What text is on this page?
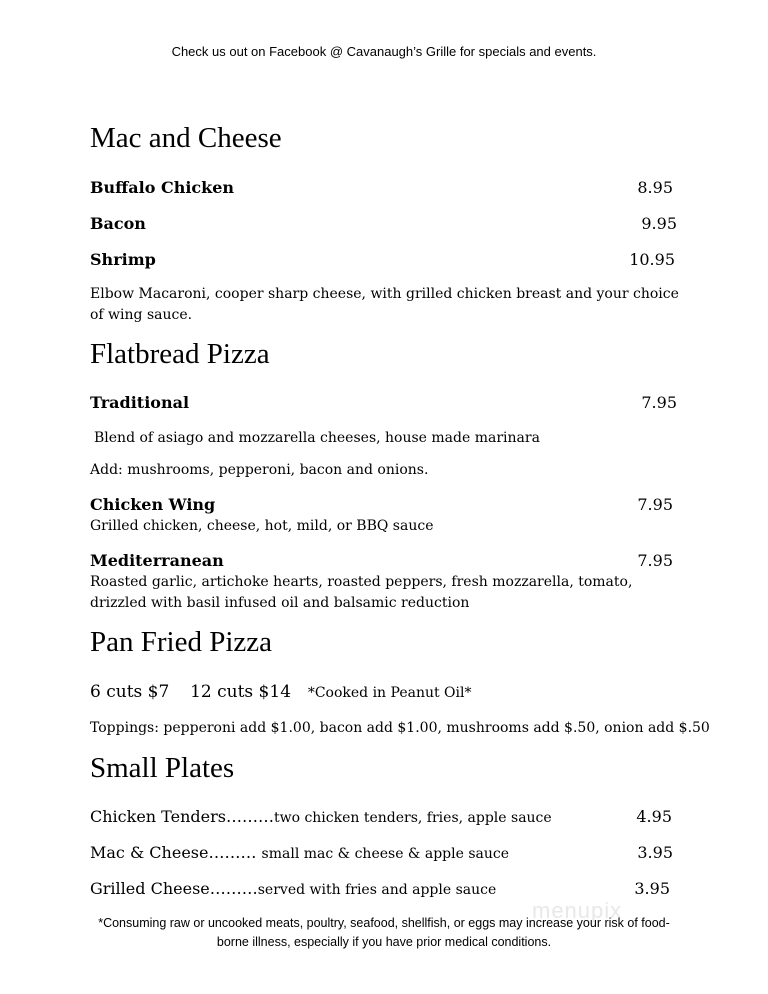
Check us out on Facebook @ Cavanaugh’s Grille for specials and events.
Mac and Cheese
Buffalo Chicken	8.95
Bacon	9.95
Shrimp	10.95
Elbow Macaroni, cooper sharp cheese, with grilled chicken breast and your choice of wing sauce.
Flatbread Pizza
Traditional	7.95
Blend of asiago and mozzarella cheeses, house made marinara
Add: mushrooms, pepperoni, bacon and onions.
Chicken Wing	7.95
Grilled chicken, cheese, hot, mild, or BBQ sauce
Mediterranean	7.95
Roasted garlic, artichoke hearts, roasted peppers, fresh mozzarella, tomato, drizzled with basil infused oil and balsamic reduction
Pan Fried Pizza
6 cuts $7 12 cuts $14 *Cooked in Peanut Oil*
Toppings: pepperoni add $1.00, bacon add $1.00, mushrooms add $.50, onion add $.50
Small Plates
Chicken Tenders………two chicken tenders, fries, apple sauce	4.95
Mac & Cheese……… small mac & cheese & apple sauce	3.95
Grilled Cheese………served with fries and apple sauce	3.95
menupix
*Consuming raw or uncooked meats, poultry, seafood, shellfish, or eggs may increase your risk of food-
borne illness, especially if you have prior medical conditions.
